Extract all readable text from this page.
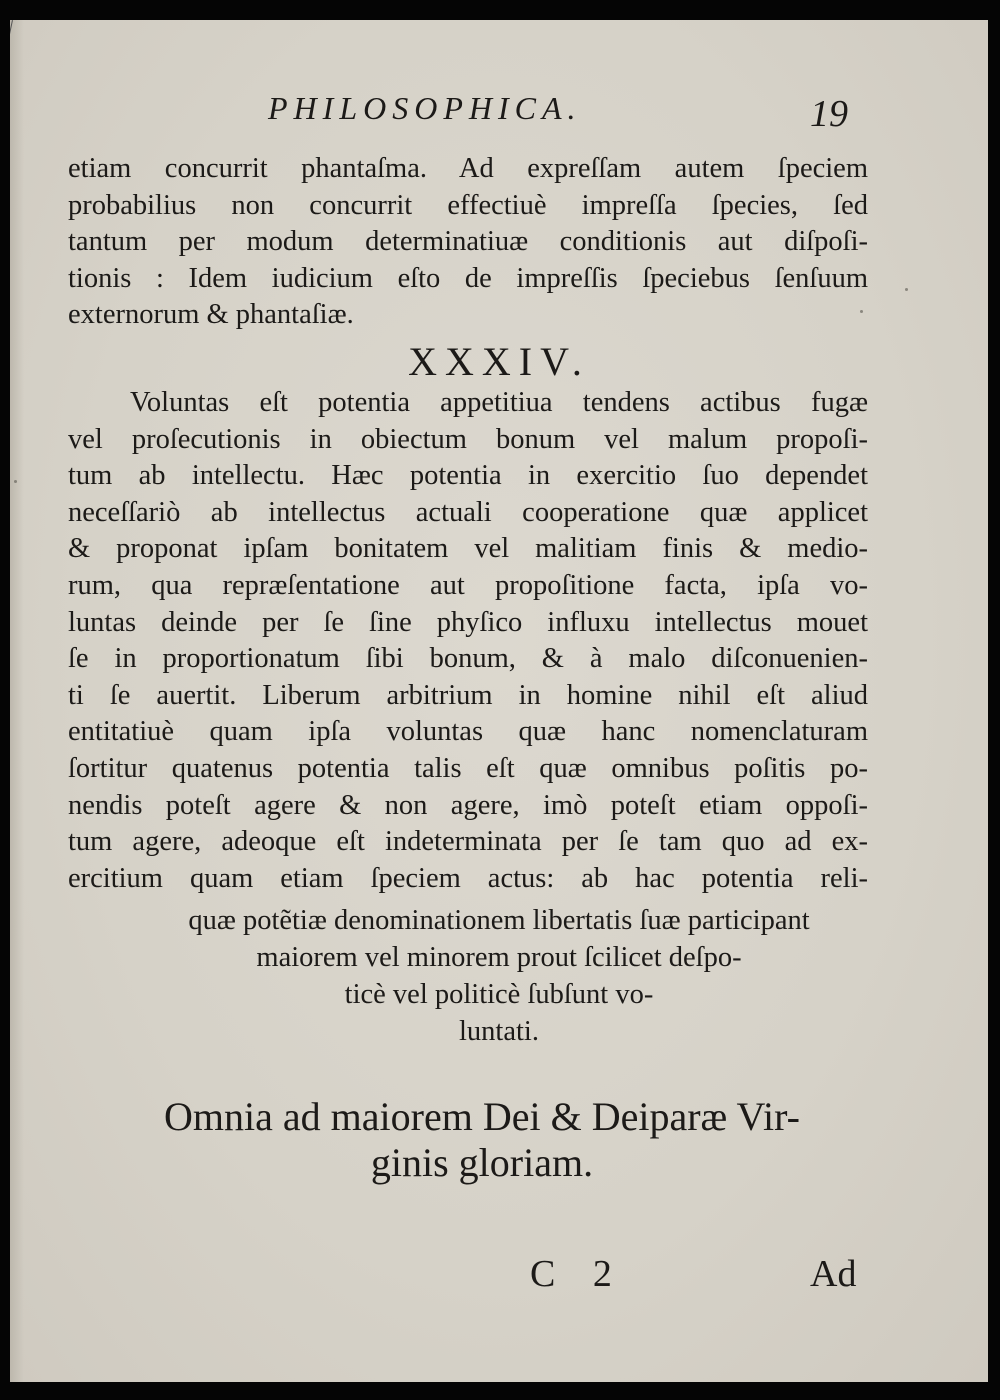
PHILOSOPHICA.	19
etiam concurrit phantaſma. Ad expreſſam autem ſpeciem
probabilius non concurrit effectiuè impreſſa ſpecies, ſed
tantum per modum determinatiuæ conditionis aut diſpoſi-
tionis : Idem iudicium eſto de impreſſis ſpeciebus ſenſuum
externorum & phantaſiæ.
XXXIV.
Voluntas eſt potentia appetitiua tendens actibus fugæ
vel proſecutionis in obiectum bonum vel malum propoſi-
tum ab intellectu. Hæc potentia in exercitio ſuo dependet
neceſſariò ab intellectus actuali cooperatione quæ applicet
& proponat ipſam bonitatem vel malitiam finis & medio-
rum, qua repræſentatione aut propoſitione facta, ipſa vo-
luntas deinde per ſe ſine phyſico influxu intellectus mouet
ſe in proportionatum ſibi bonum, & à malo diſconuenien-
ti ſe auertit. Liberum arbitrium in homine nihil eſt aliud
entitatiuè quam ipſa voluntas quæ hanc nomenclaturam
ſortitur quatenus potentia talis eſt quæ omnibus poſitis po-
nendis poteſt agere & non agere, imò poteſt etiam oppoſi-
tum agere, adeoque eſt indeterminata per ſe tam quo ad ex-
ercitium quam etiam ſpeciem actus: ab hac potentia reli-
quæ potẽtiæ denominationem libertatis ſuæ participant
maiorem vel minorem prout ſcilicet deſpo-
ticè vel politicè ſubſunt vo-
luntati.
Omnia ad maiorem Dei & Deiparæ Vir-
ginis gloriam.
C 2	Ad
